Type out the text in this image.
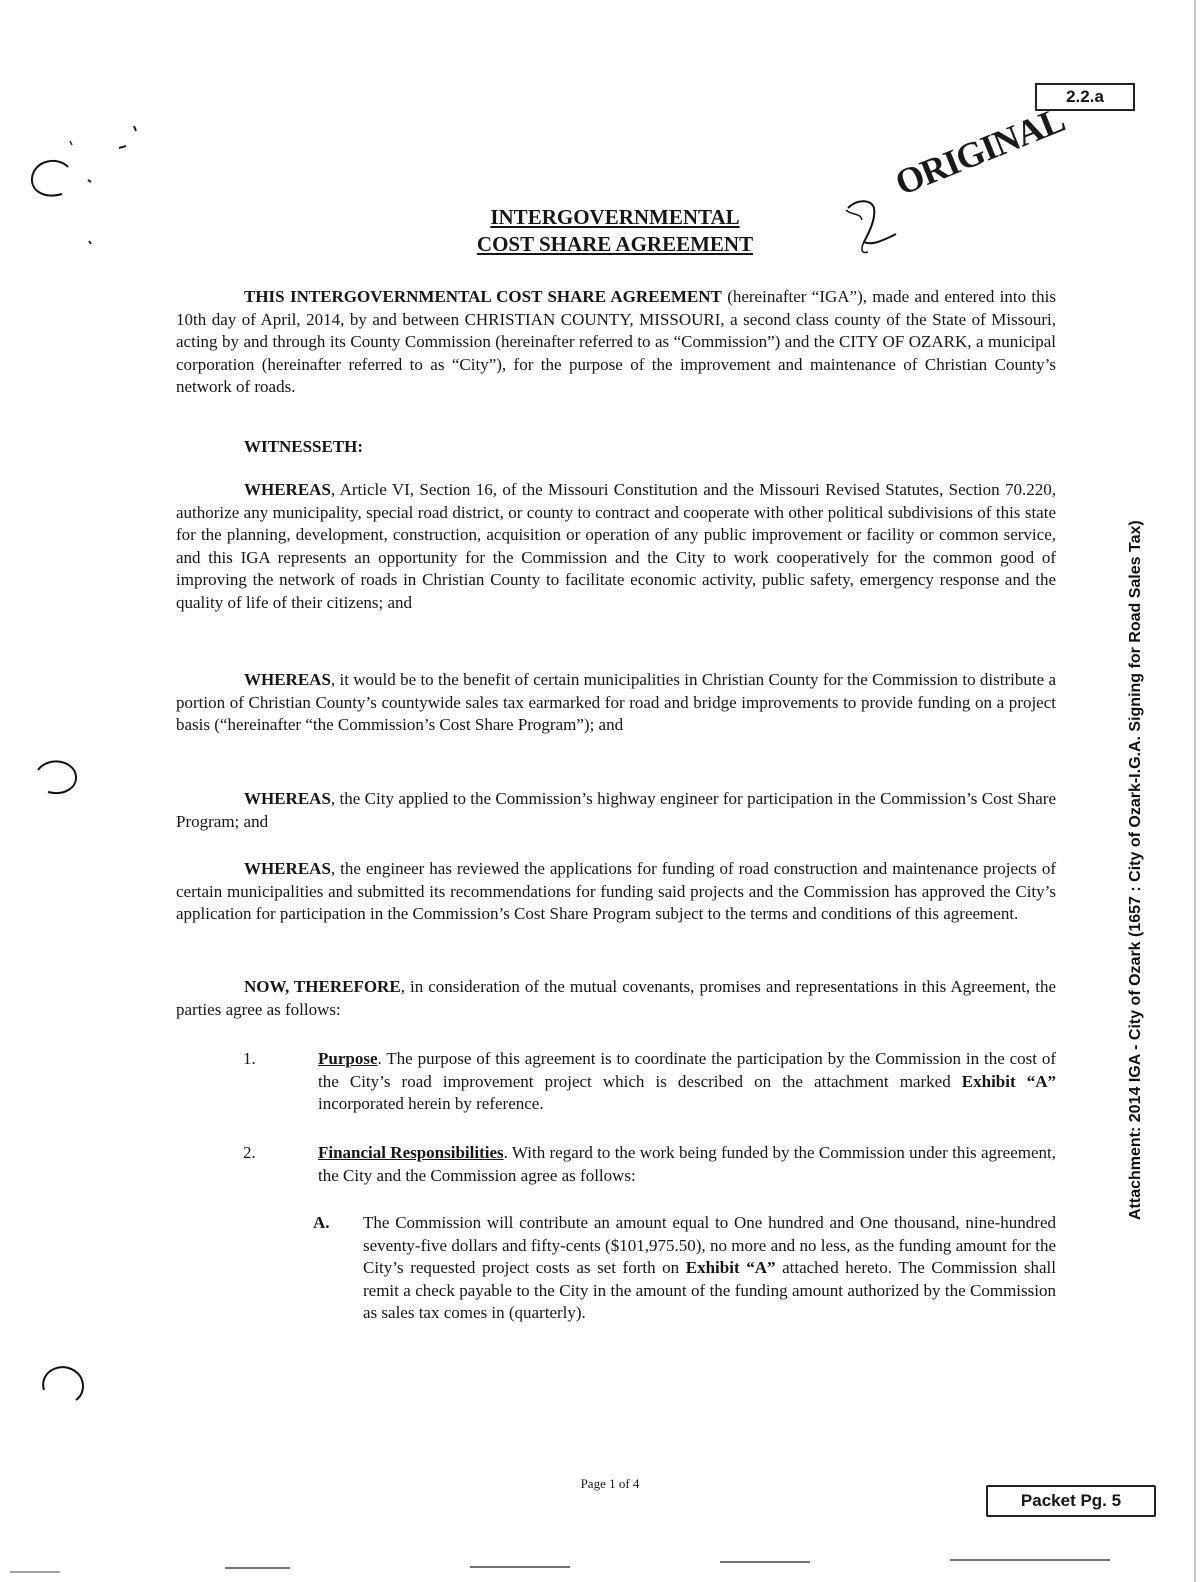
2.2.a
ORIGINAL
INTERGOVERNMENTAL
COST SHARE AGREEMENT

THIS INTERGOVERNMENTAL COST SHARE AGREEMENT (hereinafter “IGA”), made and entered into this 10th day of April, 2014, by and between CHRISTIAN COUNTY, MISSOURI, a second class county of the State of Missouri, acting by and through its County Commission (hereinafter referred to as “Commission”) and the CITY OF OZARK, a municipal corporation (hereinafter referred to as “City”), for the purpose of the improvement and maintenance of Christian County’s network of roads.

WITNESSETH:

WHEREAS, Article VI, Section 16, of the Missouri Constitution and the Missouri Revised Statutes, Section 70.220, authorize any municipality, special road district, or county to contract and cooperate with other political subdivisions of this state for the planning, development, construction, acquisition or operation of any public improvement or facility or common service, and this IGA represents an opportunity for the Commission and the City to work cooperatively for the common good of improving the network of roads in Christian County to facilitate economic activity, public safety, emergency response and the quality of life of their citizens; and

WHEREAS, it would be to the benefit of certain municipalities in Christian County for the Commission to distribute a portion of Christian County’s countywide sales tax earmarked for road and bridge improvements to provide funding on a project basis (“hereinafter “the Commission’s Cost Share Program”); and

WHEREAS, the City applied to the Commission’s highway engineer for participation in the Commission’s Cost Share Program; and

WHEREAS, the engineer has reviewed the applications for funding of road construction and maintenance projects of certain municipalities and submitted its recommendations for funding said projects and the Commission has approved the City’s application for participation in the Commission’s Cost Share Program subject to the terms and conditions of this agreement.

NOW, THEREFORE, in consideration of the mutual covenants, promises and representations in this Agreement, the parties agree as follows:

1.	Purpose. The purpose of this agreement is to coordinate the participation by the Commission in the cost of the City’s road improvement project which is described on the attachment marked Exhibit “A” incorporated herein by reference.
2.	Financial Responsibilities. With regard to the work being funded by the Commission under this agreement, the City and the Commission agree as follows:
A. The Commission will contribute an amount equal to One hundred and One thousand, nine-hundred seventy-five dollars and fifty-cents ($101,975.50), no more and no less, as the funding amount for the City’s requested project costs as set forth on Exhibit “A” attached hereto. The Commission shall remit a check payable to the City in the amount of the funding amount authorized by the Commission as sales tax comes in (quarterly).
Attachment: 2014 IGA - City of Ozark (1657 : City of Ozark-I.G.A. Signing for Road Sales Tax)
Page 1 of 4
Packet Pg. 5
